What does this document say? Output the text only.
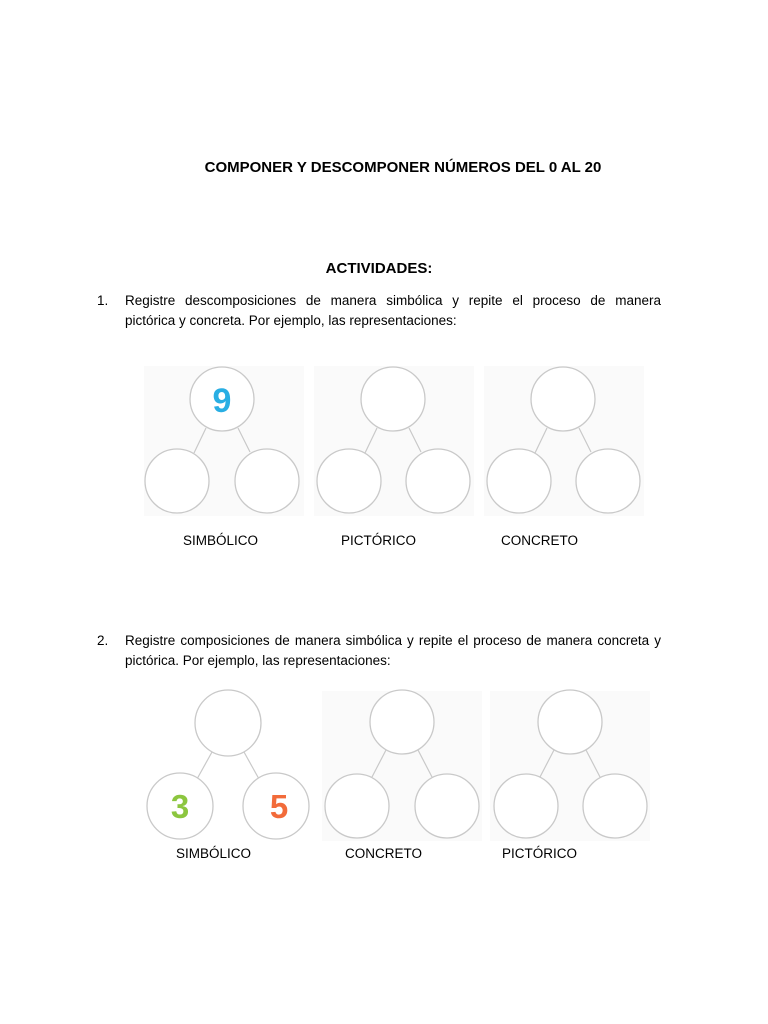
COMPONER Y DESCOMPONER NÚMEROS DEL 0 AL 20
ACTIVIDADES:
1. Registre descomposiciones de manera simbólica y repite el proceso de manera
pictórica y concreta. Por ejemplo, las representaciones:
9
SIMBÓLICO	PICTÓRICO	CONCRETO
2. Registre composiciones de manera simbólica y repite el proceso de manera concreta y
pictórica. Por ejemplo, las representaciones:
3 5
SIMBÓLICO	CONCRETO	PICTÓRICO
